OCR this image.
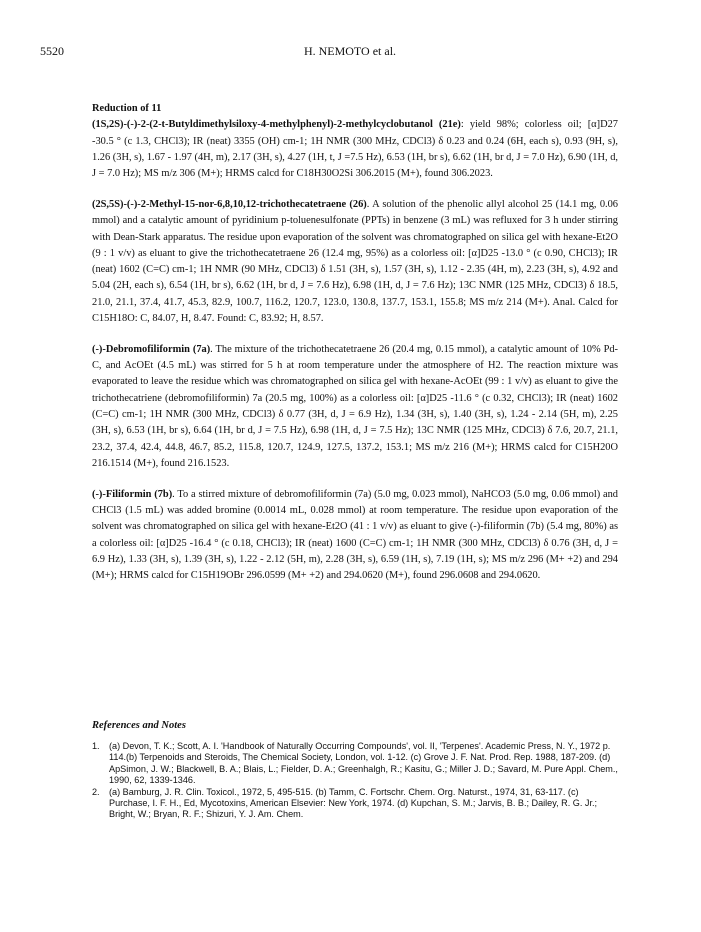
5520	H. NEMOTO et al.
Reduction of 11
(1S,2S)-(-)-2-(2-t-Butyldimethylsiloxy-4-methylphenyl)-2-methylcyclobutanol (21e): yield 98%; colorless oil; [α]D27 -30.5 ° (c 1.3, CHCl3); IR (neat) 3355 (OH) cm-1; 1H NMR (300 MHz, CDCl3) δ 0.23 and 0.24 (6H, each s), 0.93 (9H, s), 1.26 (3H, s), 1.67 - 1.97 (4H, m), 2.17 (3H, s), 4.27 (1H, t, J =7.5 Hz), 6.53 (1H, br s), 6.62 (1H, br d, J = 7.0 Hz), 6.90 (1H, d, J = 7.0 Hz); MS m/z 306 (M+); HRMS calcd for C18H30O2Si 306.2015 (M+), found 306.2023.
(2S,5S)-(-)-2-Methyl-15-nor-6,8,10,12-trichothecatetraene (26). A solution of the phenolic allyl alcohol 25 (14.1 mg, 0.06 mmol) and a catalytic amount of pyridinium p-toluenesulfonate (PPTs) in benzene (3 mL) was refluxed for 3 h under stirring with Dean-Stark apparatus. The residue upon evaporation of the solvent was chromatographed on silica gel with hexane-Et2O (9 : 1 v/v) as eluant to give the trichothecatetraene 26 (12.4 mg, 95%) as a colorless oil: [α]D25 -13.0 ° (c 0.90, CHCl3); IR (neat) 1602 (C=C) cm-1; 1H NMR (90 MHz, CDCl3) δ 1.51 (3H, s), 1.57 (3H, s), 1.12 - 2.35 (4H, m), 2.23 (3H, s), 4.92 and 5.04 (2H, each s), 6.54 (1H, br s), 6.62 (1H, br d, J = 7.6 Hz), 6.98 (1H, d, J = 7.6 Hz); 13C NMR (125 MHz, CDCl3) δ 18.5, 21.0, 21.1, 37.4, 41.7, 45.3, 82.9, 100.7, 116.2, 120.7, 123.0, 130.8, 137.7, 153.1, 155.8; MS m/z 214 (M+). Anal. Calcd for C15H18O: C, 84.07, H, 8.47. Found: C, 83.92; H, 8.57.
(-)-Debromofiliformin (7a). The mixture of the trichothecatetraene 26 (20.4 mg, 0.15 mmol), a catalytic amount of 10% Pd-C, and AcOEt (4.5 mL) was stirred for 5 h at room temperature under the atmosphere of H2. The reaction mixture was evaporated to leave the residue which was chromatographed on silica gel with hexane-AcOEt (99 : 1 v/v) as eluant to give the trichothecatriene (debromofiliformin) 7a (20.5 mg, 100%) as a colorless oil: [α]D25 -11.6 ° (c 0.32, CHCl3); IR (neat) 1602 (C=C) cm-1; 1H NMR (300 MHz, CDCl3) δ 0.77 (3H, d, J = 6.9 Hz), 1.34 (3H, s), 1.40 (3H, s), 1.24 - 2.14 (5H, m), 2.25 (3H, s), 6.53 (1H, br s), 6.64 (1H, br d, J = 7.5 Hz), 6.98 (1H, d, J = 7.5 Hz); 13C NMR (125 MHz, CDCl3) δ 7.6, 20.7, 21.1, 23.2, 37.4, 42.4, 44.8, 46.7, 85.2, 115.8, 120.7, 124.9, 127.5, 137.2, 153.1; MS m/z 216 (M+); HRMS calcd for C15H20O 216.1514 (M+), found 216.1523.
(-)-Filiformin (7b). To a stirred mixture of debromofiliformin (7a) (5.0 mg, 0.023 mmol), NaHCO3 (5.0 mg, 0.06 mmol) and CHCl3 (1.5 mL) was added bromine (0.0014 mL, 0.028 mmol) at room temperature. The residue upon evaporation of the solvent was chromatographed on silica gel with hexane-Et2O (41 : 1 v/v) as eluant to give (-)-filiformin (7b) (5.4 mg, 80%) as a colorless oil: [α]D25 -16.4 ° (c 0.18, CHCl3); IR (neat) 1600 (C=C) cm-1; 1H NMR (300 MHz, CDCl3) δ 0.76 (3H, d, J = 6.9 Hz), 1.33 (3H, s), 1.39 (3H, s), 1.22 - 2.12 (5H, m), 2.28 (3H, s), 6.59 (1H, s), 7.19 (1H, s); MS m/z 296 (M+ +2) and 294 (M+); HRMS calcd for C15H19OBr 296.0599 (M+ +2) and 294.0620 (M+), found 296.0608 and 294.0620.
References and Notes
1. (a) Devon, T. K.; Scott, A. I. 'Handbook of Naturally Occurring Compounds', vol. II, 'Terpenes'. Academic Press, N. Y., 1972 p. 114.(b) Terpenoids and Steroids, The Chemical Society, London, vol. 1-12. (c) Grove J. F. Nat. Prod. Rep. 1988, 187-209. (d) ApSimon, J. W.; Blackwell, B. A.; Blais, L.; Fielder, D. A.; Greenhalgh, R.; Kasitu, G.; Miller J. D.; Savard, M. Pure Appl. Chem., 1990, 62, 1339-1346.
2. (a) Bamburg, J. R. Clin. Toxicol., 1972, 5, 495-515. (b) Tamm, C. Fortschr. Chem. Org. Naturst., 1974, 31, 63-117. (c) Purchase, I. F. H., Ed, Mycotoxins, American Elsevier: New York, 1974. (d) Kupchan, S. M.; Jarvis, B. B.; Dailey, R. G. Jr.; Bright, W.; Bryan, R. F.; Shizuri, Y. J. Am. Chem.
